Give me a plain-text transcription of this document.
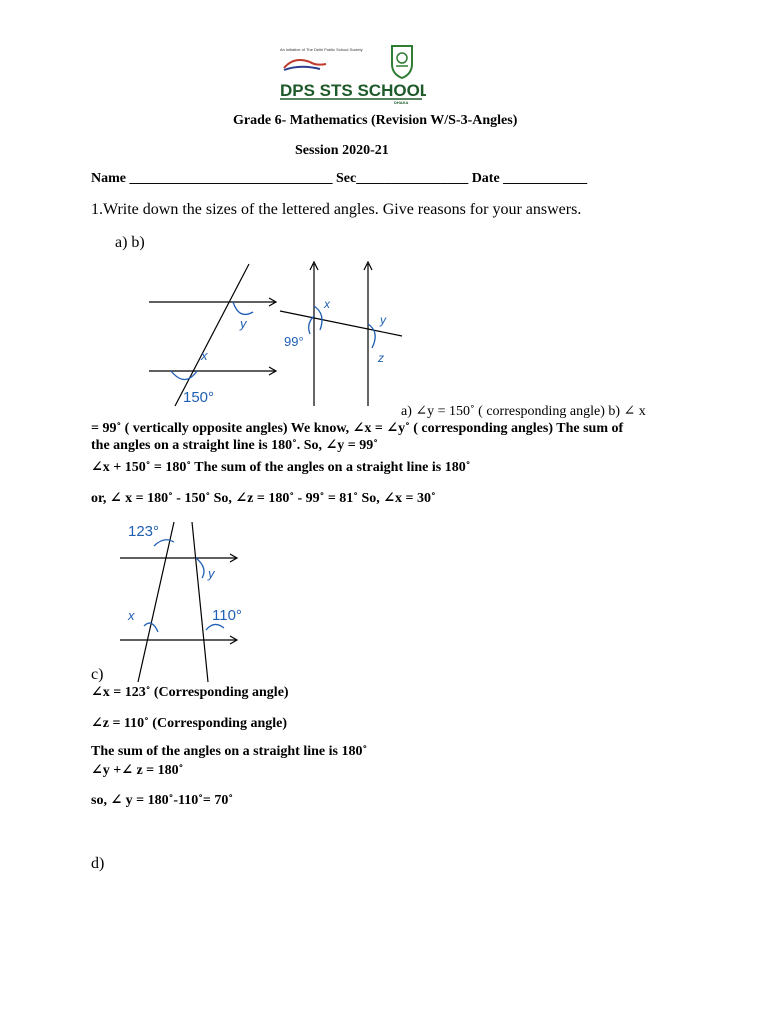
An initiative of The Delhi Public School Society
DPS STS SCHOOL
DHAKA
Grade 6- Mathematics (Revision W/S-3-Angles)
Session 2020-21
Name _____________________________ Sec________________ Date ____________
1.Write down the sizes of the lettered angles. Give reasons for your answers.
a) b)
y
x
150°
x
y
99°
z
a) ∠y = 150˚ ( corresponding angle) b) ∠ x
= 99˚ ( vertically opposite angles) We know, ∠x = ∠y˚ ( corresponding angles) The sum of
the angles on a straight line is 180˚. So, ∠y = 99˚
∠x + 150˚ = 180˚ The sum of the angles on a straight line is 180˚
or, ∠ x = 180˚ - 150˚ So, ∠z = 180˚ - 99˚ = 81˚ So, ∠x = 30˚
123°
y
x	110°
c)
∠x = 123˚ (Corresponding angle)
∠z = 110˚ (Corresponding angle)
The sum of the angles on a straight line is 180˚
∠y +∠ z = 180˚
so, ∠ y = 180˚-110˚= 70˚
d)
